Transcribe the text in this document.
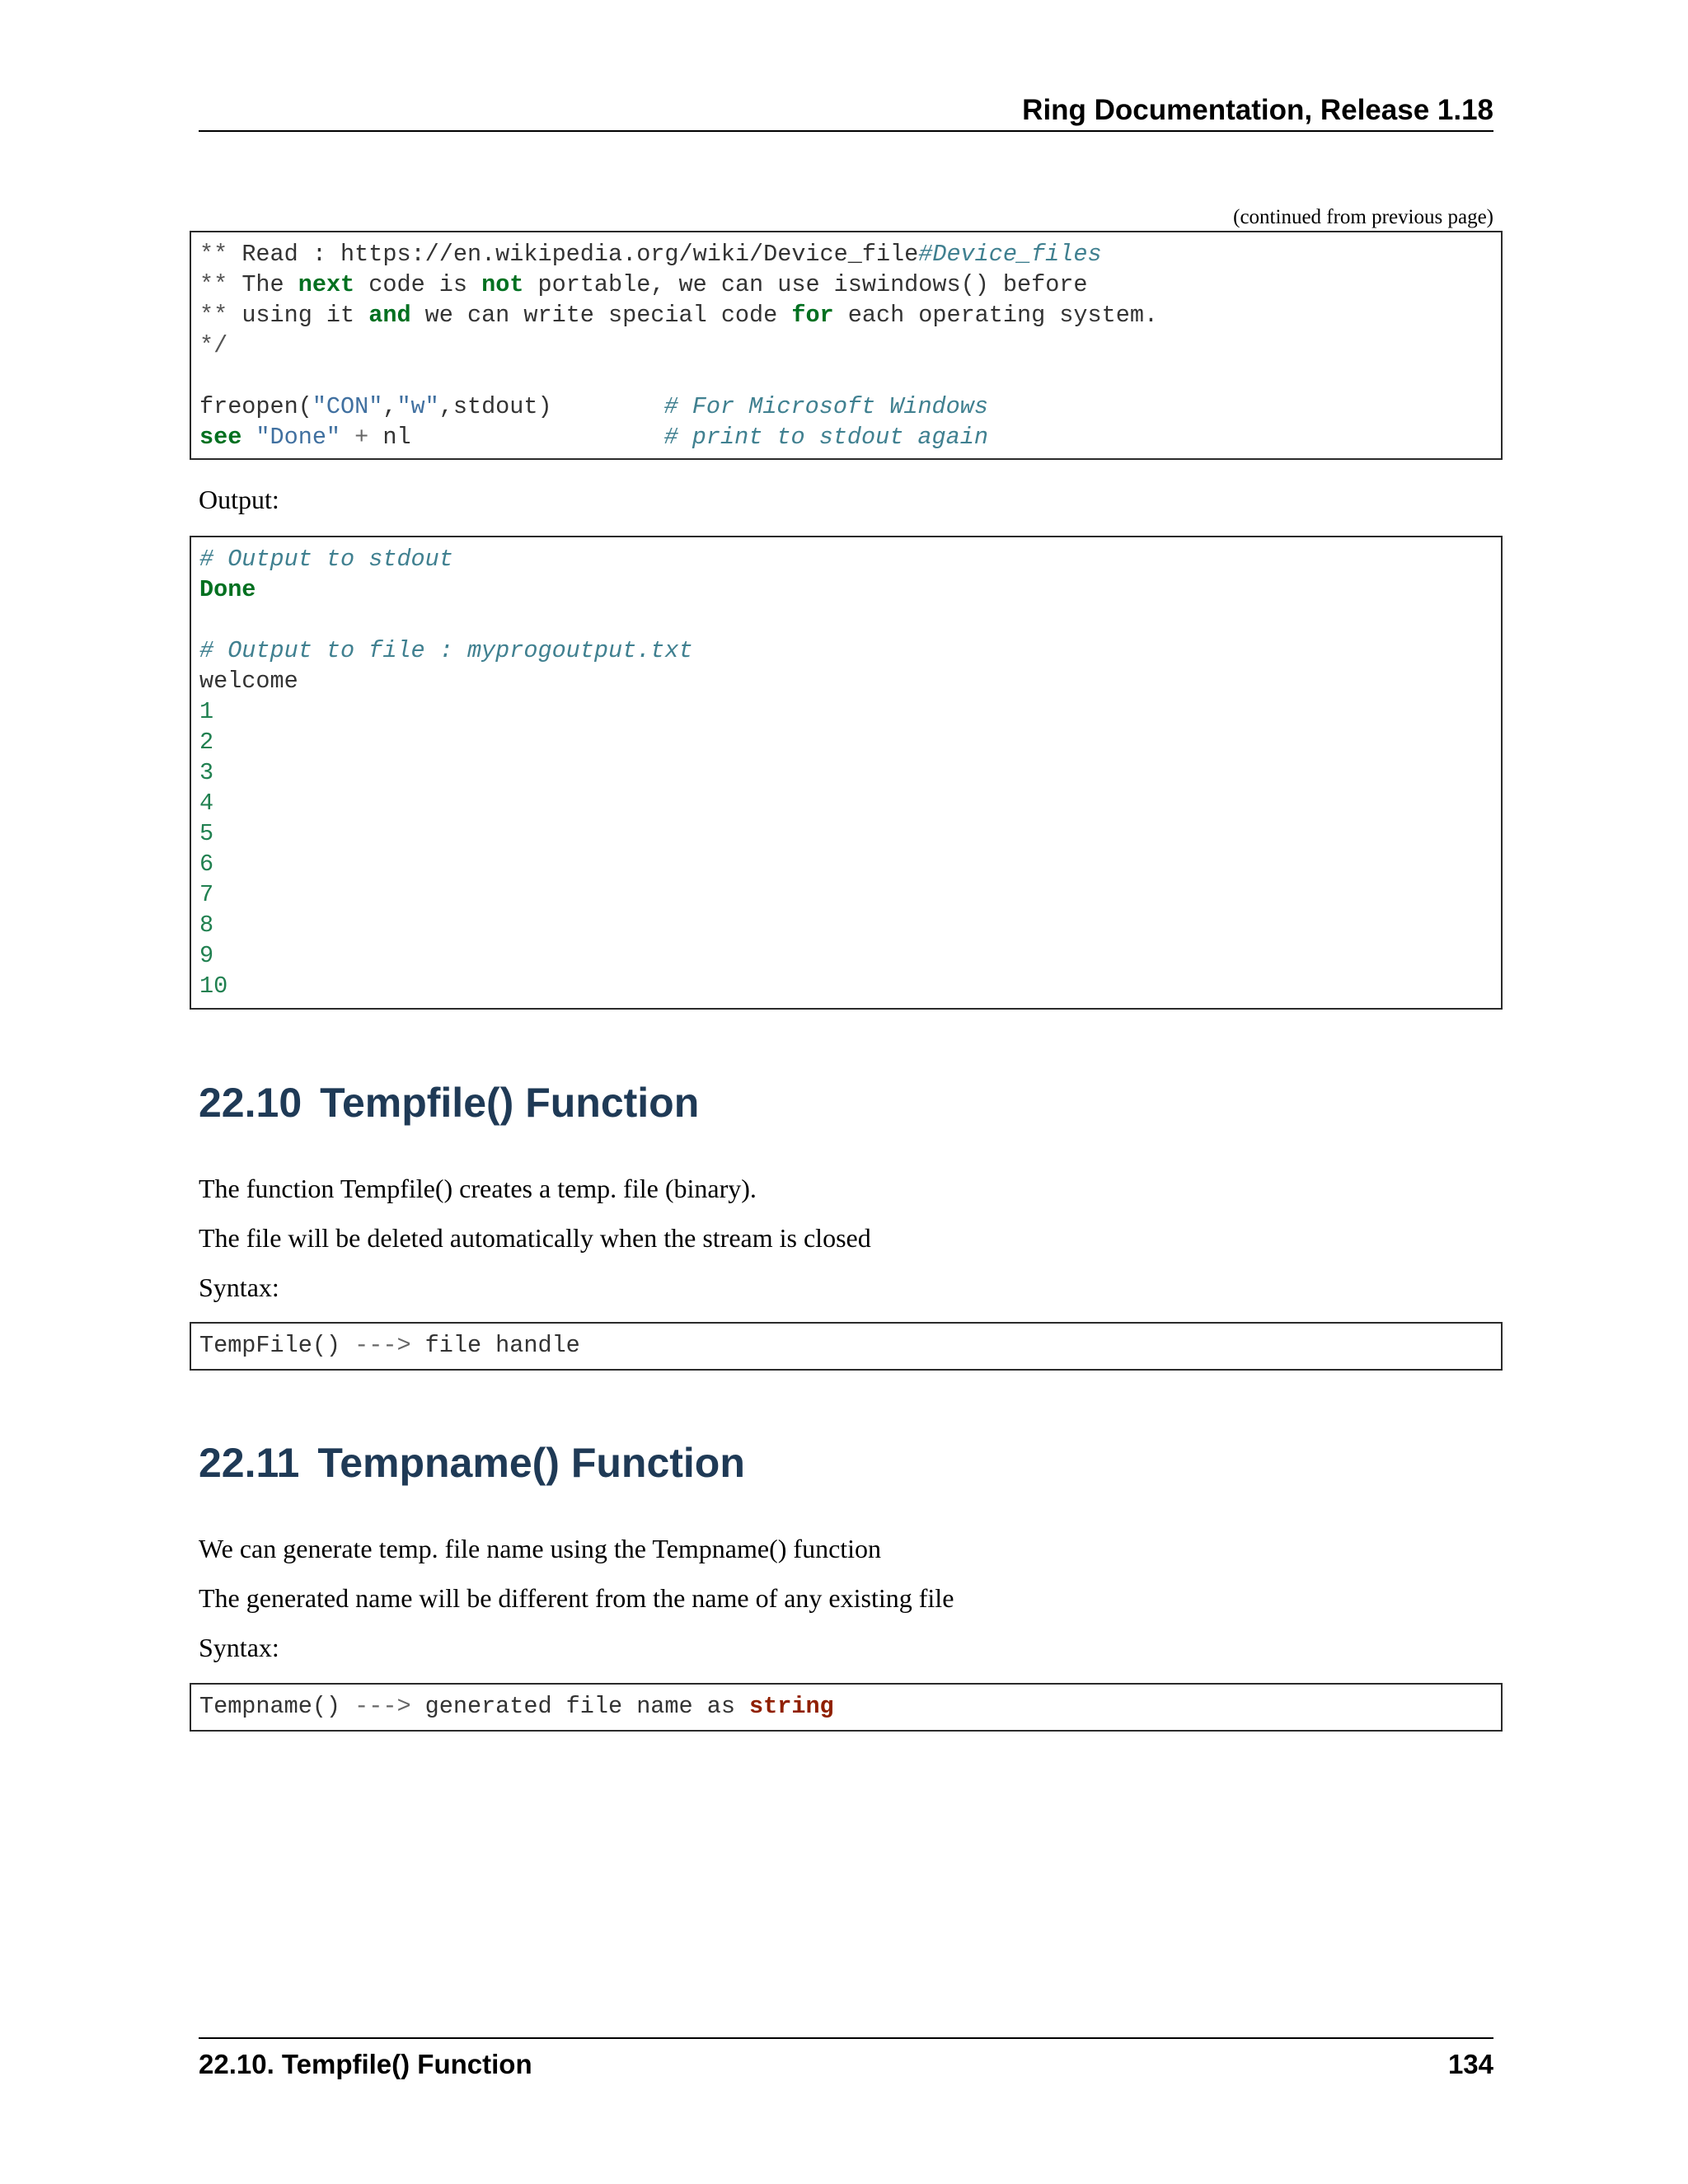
Ring Documentation, Release 1.18
(continued from previous page)
** Read : https://en.wikipedia.org/wiki/Device_file#Device_files
** The next code is not portable, we can use iswindows() before
** using it and we can write special code for each operating system.
*/
freopen("CON","w",stdout)	# For Microsoft Windows
see "Done" + nl	# print to stdout again
Output:
# Output to stdout
Done
# Output to file : myprogoutput.txt
welcome
1
2
3
4
5
6
7
8
9
10
22.10 Tempfile() Function
The function Tempfile() creates a temp. file (binary).
The file will be deleted automatically when the stream is closed
Syntax:
TempFile() ---> file handle
22.11 Tempname() Function
We can generate temp. file name using the Tempname() function
The generated name will be different from the name of any existing file
Syntax:
Tempname() ---> generated file name as string
22.10. Tempfile() Function	134
